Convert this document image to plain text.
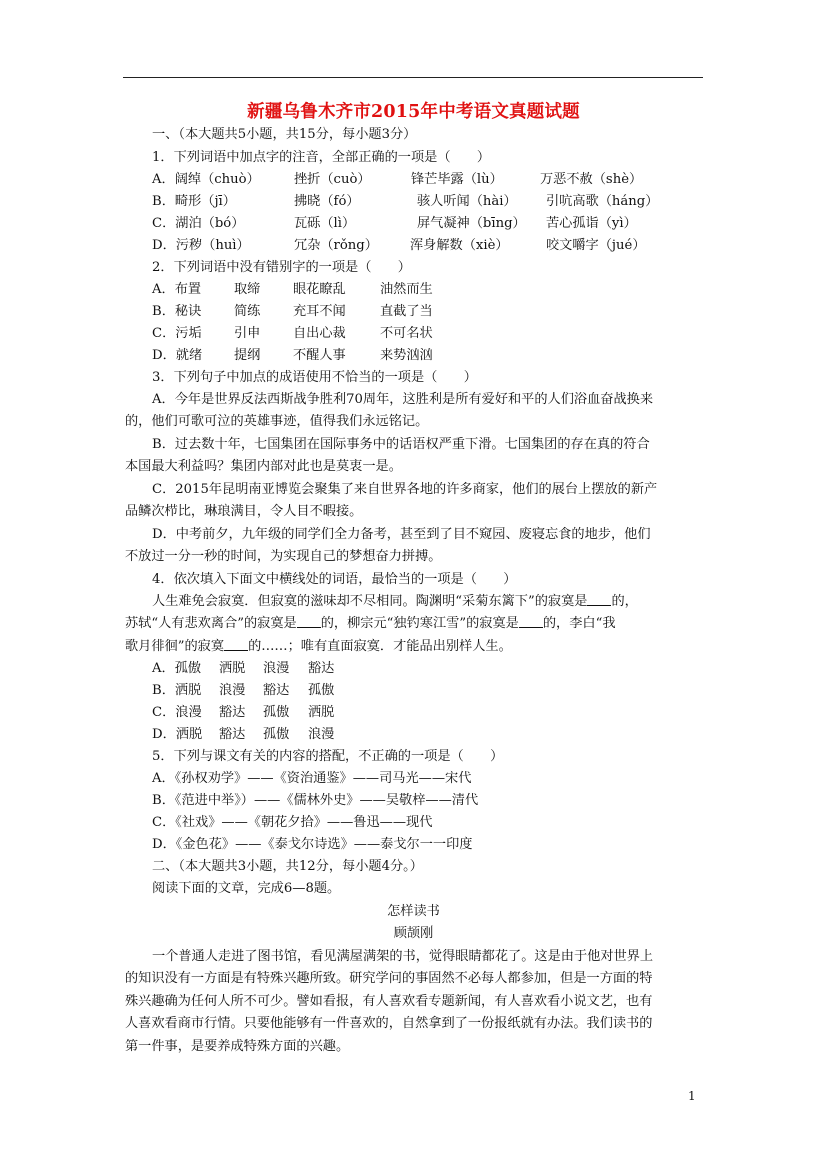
新疆乌鲁木齐市2015年中考语文真题试题
一、（本大题共5小题，共15分，每小题3分）
1．下列词语中加点字的注音，全部正确的一项是（　　）
A．阔绰（chuò）	挫折（cuò）	锋芒毕露（lù）	万恶不赦（shè）
B．畸形（jī）	拂晓（fó）	骇人听闻（hài） 引吭高歌（háng）
C．湖泊（bó）	瓦砾（lì）	屏气凝神（bīng） 苦心孤诣（yì）
D．污秽（huì）	冗杂（rǒng） 浑身解数（xiè）	咬文嚼字（jué）
2．下列词语中没有错别字的一项是（　　）
A．布置 取缔 眼花瞭乱	油然而生
B．秘诀 简练 充耳不闻	直截了当
C．污垢 引申 自出心裁	不可名状
D．就绪 提纲 不醒人事	来势汹汹
3．下列句子中加点的成语使用不恰当的一项是（　　）
A．今年是世界反法西斯战争胜利70周年，这胜利是所有爱好和平的人们浴血奋战换来
的，他们可歌可泣的英雄事迹，值得我们永远铭记。
B．过去数十年，七国集团在国际事务中的话语权严重下滑。七国集团的存在真的符合
本国最大利益吗？集团内部对此也是莫衷一是。
C．2015年昆明南亚博览会聚集了来自世界各地的许多商家，他们的展台上摆放的新产
品鳞次栉比，琳琅满目，令人目不暇接。
D．中考前夕，九年级的同学们全力备考，甚至到了目不窥园、废寝忘食的地步，他们
不放过一分一秒的时间，为实现自己的梦想奋力拼搏。
4．依次填入下面文中横线处的词语，最恰当的一项是（　　）
人生难免会寂寞．但寂寞的滋味却不尽相同。陶渊明“采菊东篱下”的寂寞是 的，
苏轼“人有悲欢离合”的寂寞是 的，柳宗元“独钓寒江雪”的寂寞是 的，李白“我
歌月徘徊”的寂寞 的……；唯有直面寂寞．才能品出别样人生。
A．孤傲 洒脱 浪漫 豁达
B．洒脱 浪漫 豁达 孤傲
C．浪漫 豁达 孤傲 洒脱
D．洒脱 豁达 孤傲 浪漫
5．下列与课文有关的内容的搭配，不正确的一项是（　　）
A．《孙权劝学》——《资治通鉴》——司马光——宋代
B．《范进中举》）——《儒林外史》——吴敬梓——清代
C．《社戏》——《朝花夕拾》——鲁迅——现代
D．《金色花》——《泰戈尔诗选》——泰戈尔一一印度
二、（本大题共3小题，共12分，每小题4分。）
阅读下面的文章，完成6—8题。
怎样读书
顾颉刚
一个普通人走进了图书馆，看见满屋满架的书，觉得眼睛都花了。这是由于他对世界上
的知识没有一方面是有特殊兴趣所致。研究学问的事固然不必每人都参加，但是一方面的特
殊兴趣确为任何人所不可少。譬如看报，有人喜欢看专题新闻，有人喜欢看小说文艺，也有
人喜欢看商市行情。只要他能够有一件喜欢的，自然拿到了一份报纸就有办法。我们读书的
第一件事，是要养成特殊方面的兴趣。
1
